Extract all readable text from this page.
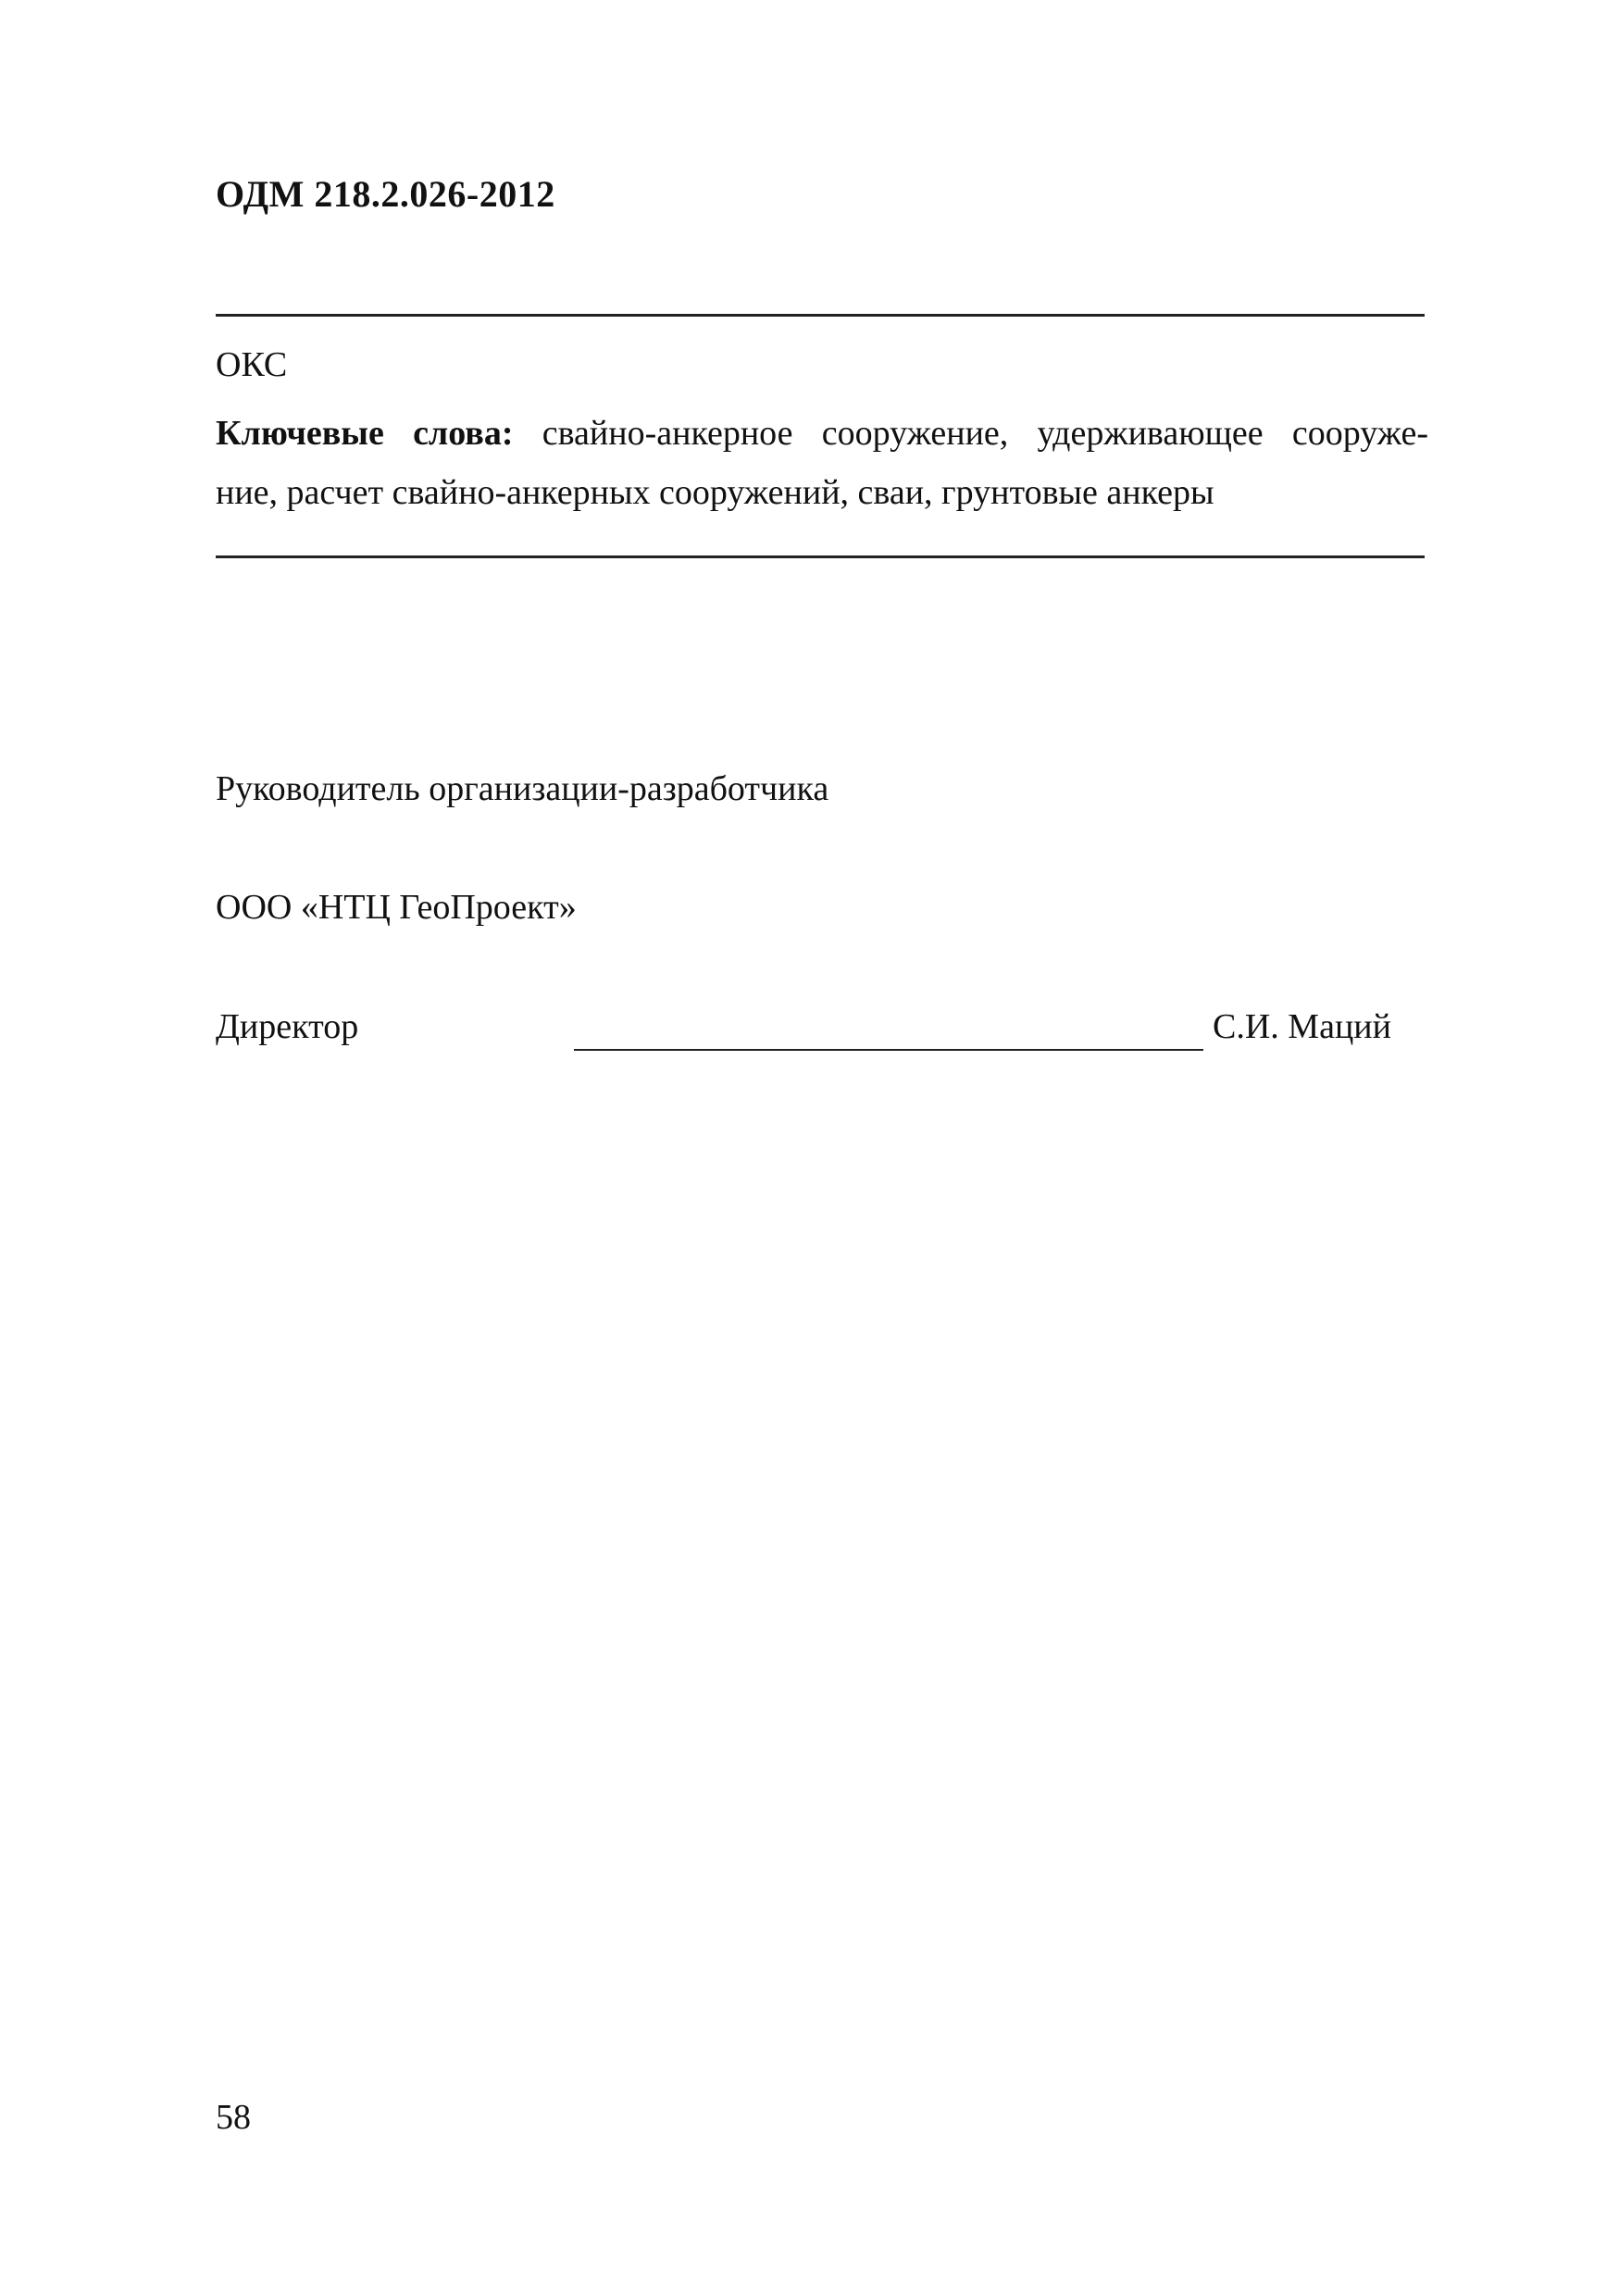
ОДМ 218.2.026-2012
ОКС
Ключевые слова: свайно-анкерное сооружение, удерживающее сооруже-
ние, расчет свайно-анкерных сооружений, сваи, грунтовые анкеры
Руководитель организации-разработчика
ООО «НТЦ ГеоПроект»
Директор	С.И. Маций
58
